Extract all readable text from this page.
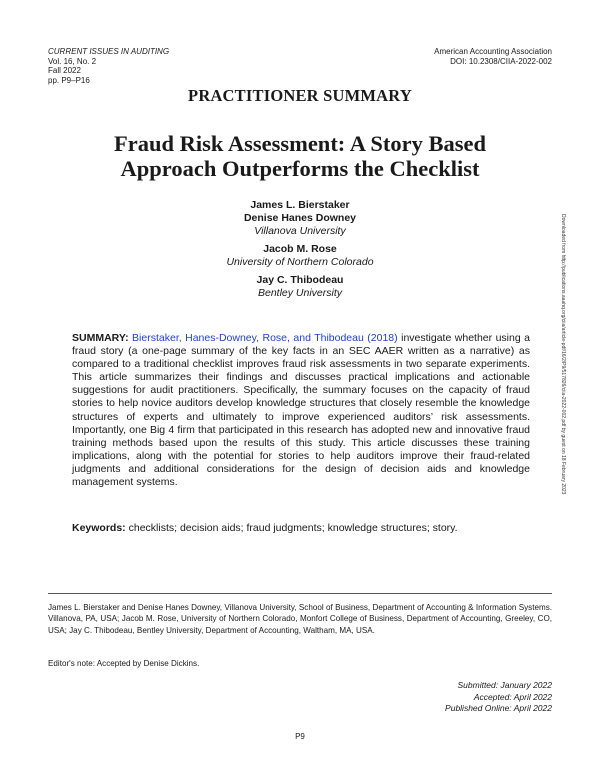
CURRENT ISSUES IN AUDITING
Vol. 16, No. 2
Fall 2022
pp. P9–P16
American Accounting Association
DOI: 10.2308/CIIA-2022-002
PRACTITIONER SUMMARY
Fraud Risk Assessment: A Story Based
Approach Outperforms the Checklist
James L. Bierstaker
Denise Hanes Downey
Villanova University
Jacob M. Rose
University of Northern Colorado
Jay C. Thibodeau
Bentley University
SUMMARY: Bierstaker, Hanes-Downey, Rose, and Thibodeau (2018) investigate whether using a fraud story (a one-page summary of the key facts in an SEC AAER written as a narrative) as compared to a traditional checklist improves fraud risk assessments in two separate experiments. This article summarizes their findings and discusses practical implications and actionable suggestions for audit practitioners. Specifically, the summary focuses on the capacity of fraud stories to help novice auditors develop knowledge structures that closely resemble the knowledge structures of experts and ultimately to improve experienced auditors’ risk assessments. Importantly, one Big 4 firm that participated in this research has adopted new and innovative fraud training methods based upon the results of this study. This article discusses these training implications, along with the potential for stories to help auditors improve their fraud-related judgments and additional considerations for the design of decision aids and knowledge management systems.
Keywords: checklists; decision aids; fraud judgments; knowledge structures; story.
James L. Bierstaker and Denise Hanes Downey, Villanova University, School of Business, Department of Accounting & Information Systems. Villanova, PA, USA; Jacob M. Rose, University of Northern Colorado, Monfort College of Business, Department of Accounting, Greeley, CO, USA; Jay C. Thibodeau, Bentley University, Department of Accounting, Waltham, MA, USA.
Editor's note: Accepted by Denise Dickins.
Submitted: January 2022
Accepted: April 2022
Published Online: April 2022
P9
Downloaded from http://publications.aaahq.org/ciia/article-pdf/16/2/P9/517826/ciia-2022-002.pdf by guest on 18 February 2023
